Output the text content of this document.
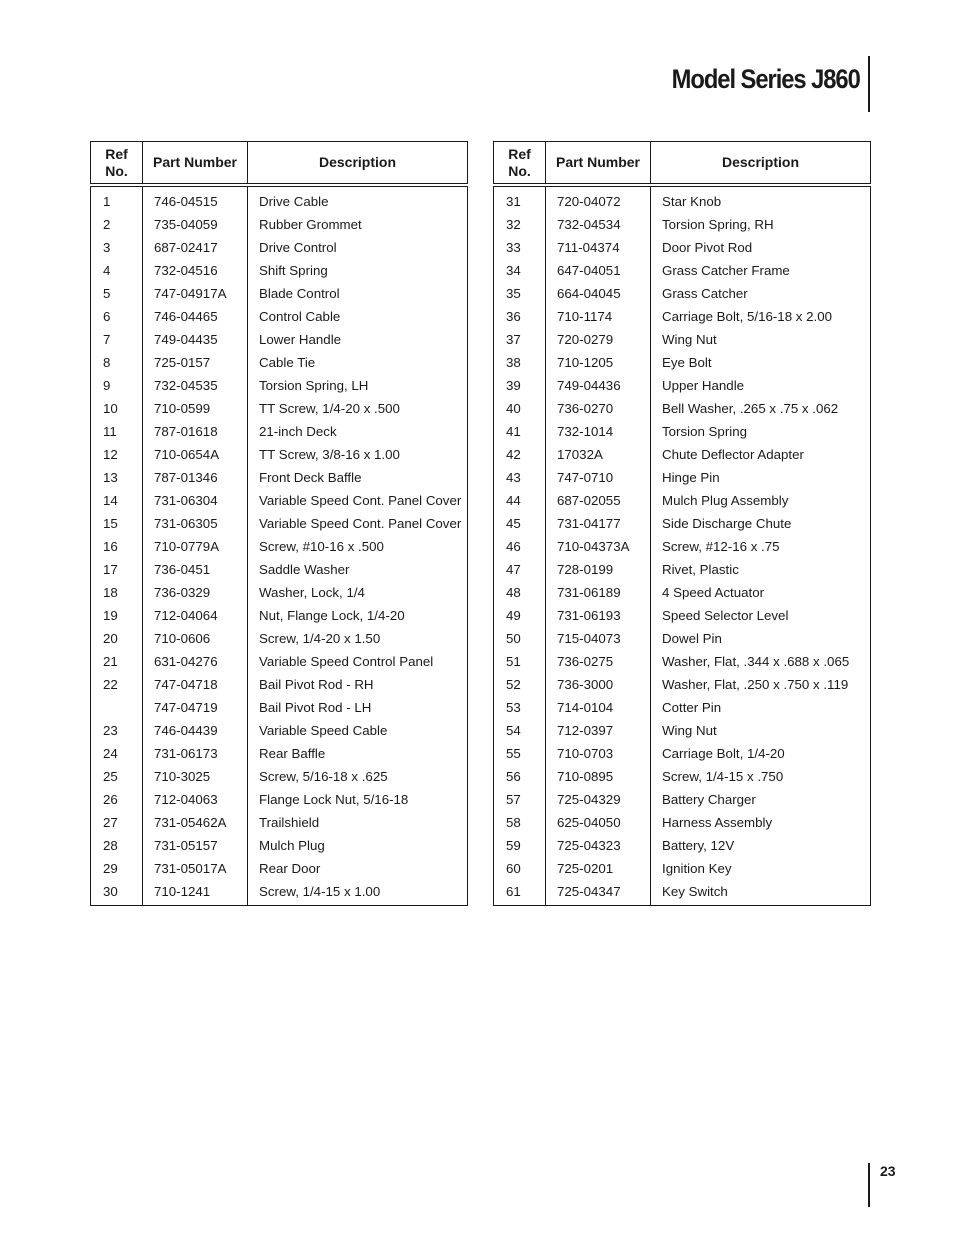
Model Series J860
Ref
No.	Part Number	Description
1	746-04515	Drive Cable
2	735-04059	Rubber Grommet
3	687-02417	Drive Control
4	732-04516	Shift Spring
5	747-04917A	Blade Control
6	746-04465	Control Cable
7	749-04435	Lower Handle
8	725-0157	Cable Tie
9	732-04535	Torsion Spring, LH
10	710-0599	TT Screw, 1/4-20 x .500
11	787-01618	21-inch Deck
12	710-0654A	TT Screw, 3/8-16 x 1.00
13	787-01346	Front Deck Baffle
14	731-06304	Variable Speed Cont. Panel Cover
15	731-06305	Variable Speed Cont. Panel Cover
16	710-0779A	Screw, #10-16 x .500
17	736-0451	Saddle Washer
18	736-0329	Washer, Lock, 1/4
19	712-04064	Nut, Flange Lock, 1/4-20
20	710-0606	Screw, 1/4-20 x 1.50
21	631-04276	Variable Speed Control Panel
22	747-04718	Bail Pivot Rod - RH
	747-04719	Bail Pivot Rod - LH
23	746-04439	Variable Speed Cable
24	731-06173	Rear Baffle
25	710-3025	Screw, 5/16-18 x .625
26	712-04063	Flange Lock Nut, 5/16-18
27	731-05462A	Trailshield
28	731-05157	Mulch Plug
29	731-05017A	Rear Door
30	710-1241	Screw, 1/4-15 x 1.00
Ref
No.	Part Number	Description
31	720-04072	Star Knob
32	732-04534	Torsion Spring, RH
33	711-04374	Door Pivot Rod
34	647-04051	Grass Catcher Frame
35	664-04045	Grass Catcher
36	710-1174	Carriage Bolt, 5/16-18 x 2.00
37	720-0279	Wing Nut
38	710-1205	Eye Bolt
39	749-04436	Upper Handle
40	736-0270	Bell Washer, .265 x .75 x .062
41	732-1014	Torsion Spring
42	17032A	Chute Deflector Adapter
43	747-0710	Hinge Pin
44	687-02055	Mulch Plug Assembly
45	731-04177	Side Discharge Chute
46	710-04373A	Screw, #12-16 x .75
47	728-0199	Rivet, Plastic
48	731-06189	4 Speed Actuator
49	731-06193	Speed Selector Level
50	715-04073	Dowel Pin
51	736-0275	Washer, Flat, .344 x .688 x .065
52	736-3000	Washer, Flat, .250 x .750 x .119
53	714-0104	Cotter Pin
54	712-0397	Wing Nut
55	710-0703	Carriage Bolt, 1/4-20
56	710-0895	Screw, 1/4-15 x .750
57	725-04329	Battery Charger
58	625-04050	Harness Assembly
59	725-04323	Battery, 12V
60	725-0201	Ignition Key
61	725-04347	Key Switch
23
